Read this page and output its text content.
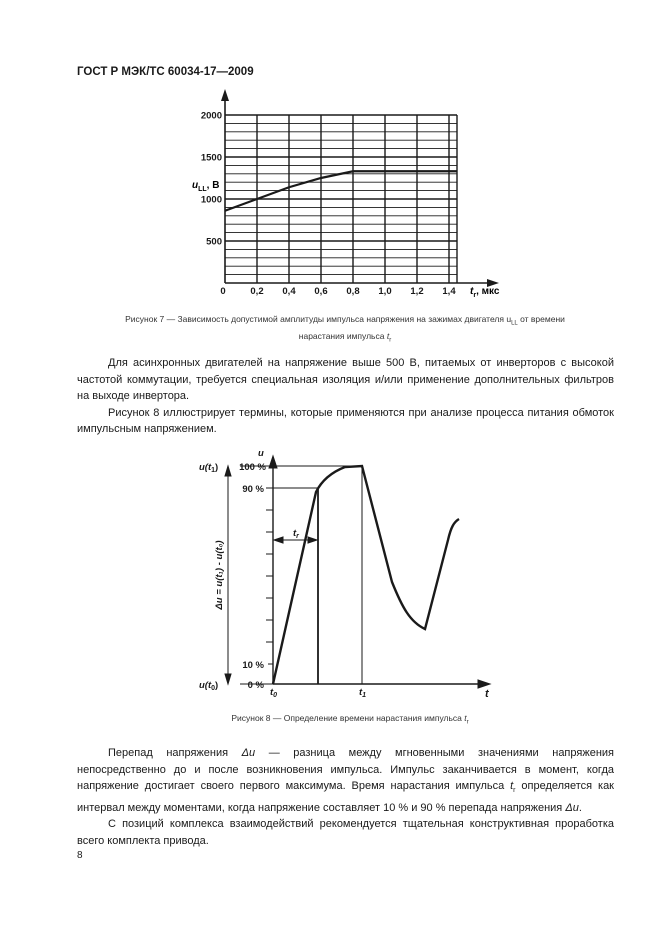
ГОСТ Р МЭК/ТС 60034-17—2009
2000
1500
1000
500
0	0,2 0,4 0,6 0,8 1,0 1,2 1,4
$u_{LL}$, В
$t_r$, мкс
Рисунок 7 — Зависимость допустимой амплитуды импульса напряжения на зажимах двигателя $u_{LL}$ от времени
нарастания импульса $t_r$

Для асинхронных двигателей на напряжение выше 500 В, питаемых от инверторов с высокой частотой коммутации, требуется специальная изоляция и/или применение дополнительных фильтров на выходе инвертора.

Рисунок 8 иллюстрирует термины, которые применяются при анализе процесса питания обмоток импульсным напряжением.

u
t
100 %
90 %
10 %
0 %
$u(t_1)$
$u(t_0)$
Δu = u(t₁) - u(t₀)
$t_r$
$t_0$	$t_1$
Рисунок 8 — Определение времени нарастания импульса $t_r$

Перепад напряжения Δu — разница между мгновенными значениями напряжения непосредственно до и после возникновения импульса. Импульс заканчивается в момент, когда напряжение достигает своего первого максимума. Время нарастания импульса $t_r$ определяется как интервал между моментами, когда напряжение составляет 10 % и 90 % перепада напряжения Δu.

С позиций комплекса взаимодействий рекомендуется тщательная конструктивная проработка всего комплекта привода.

8
